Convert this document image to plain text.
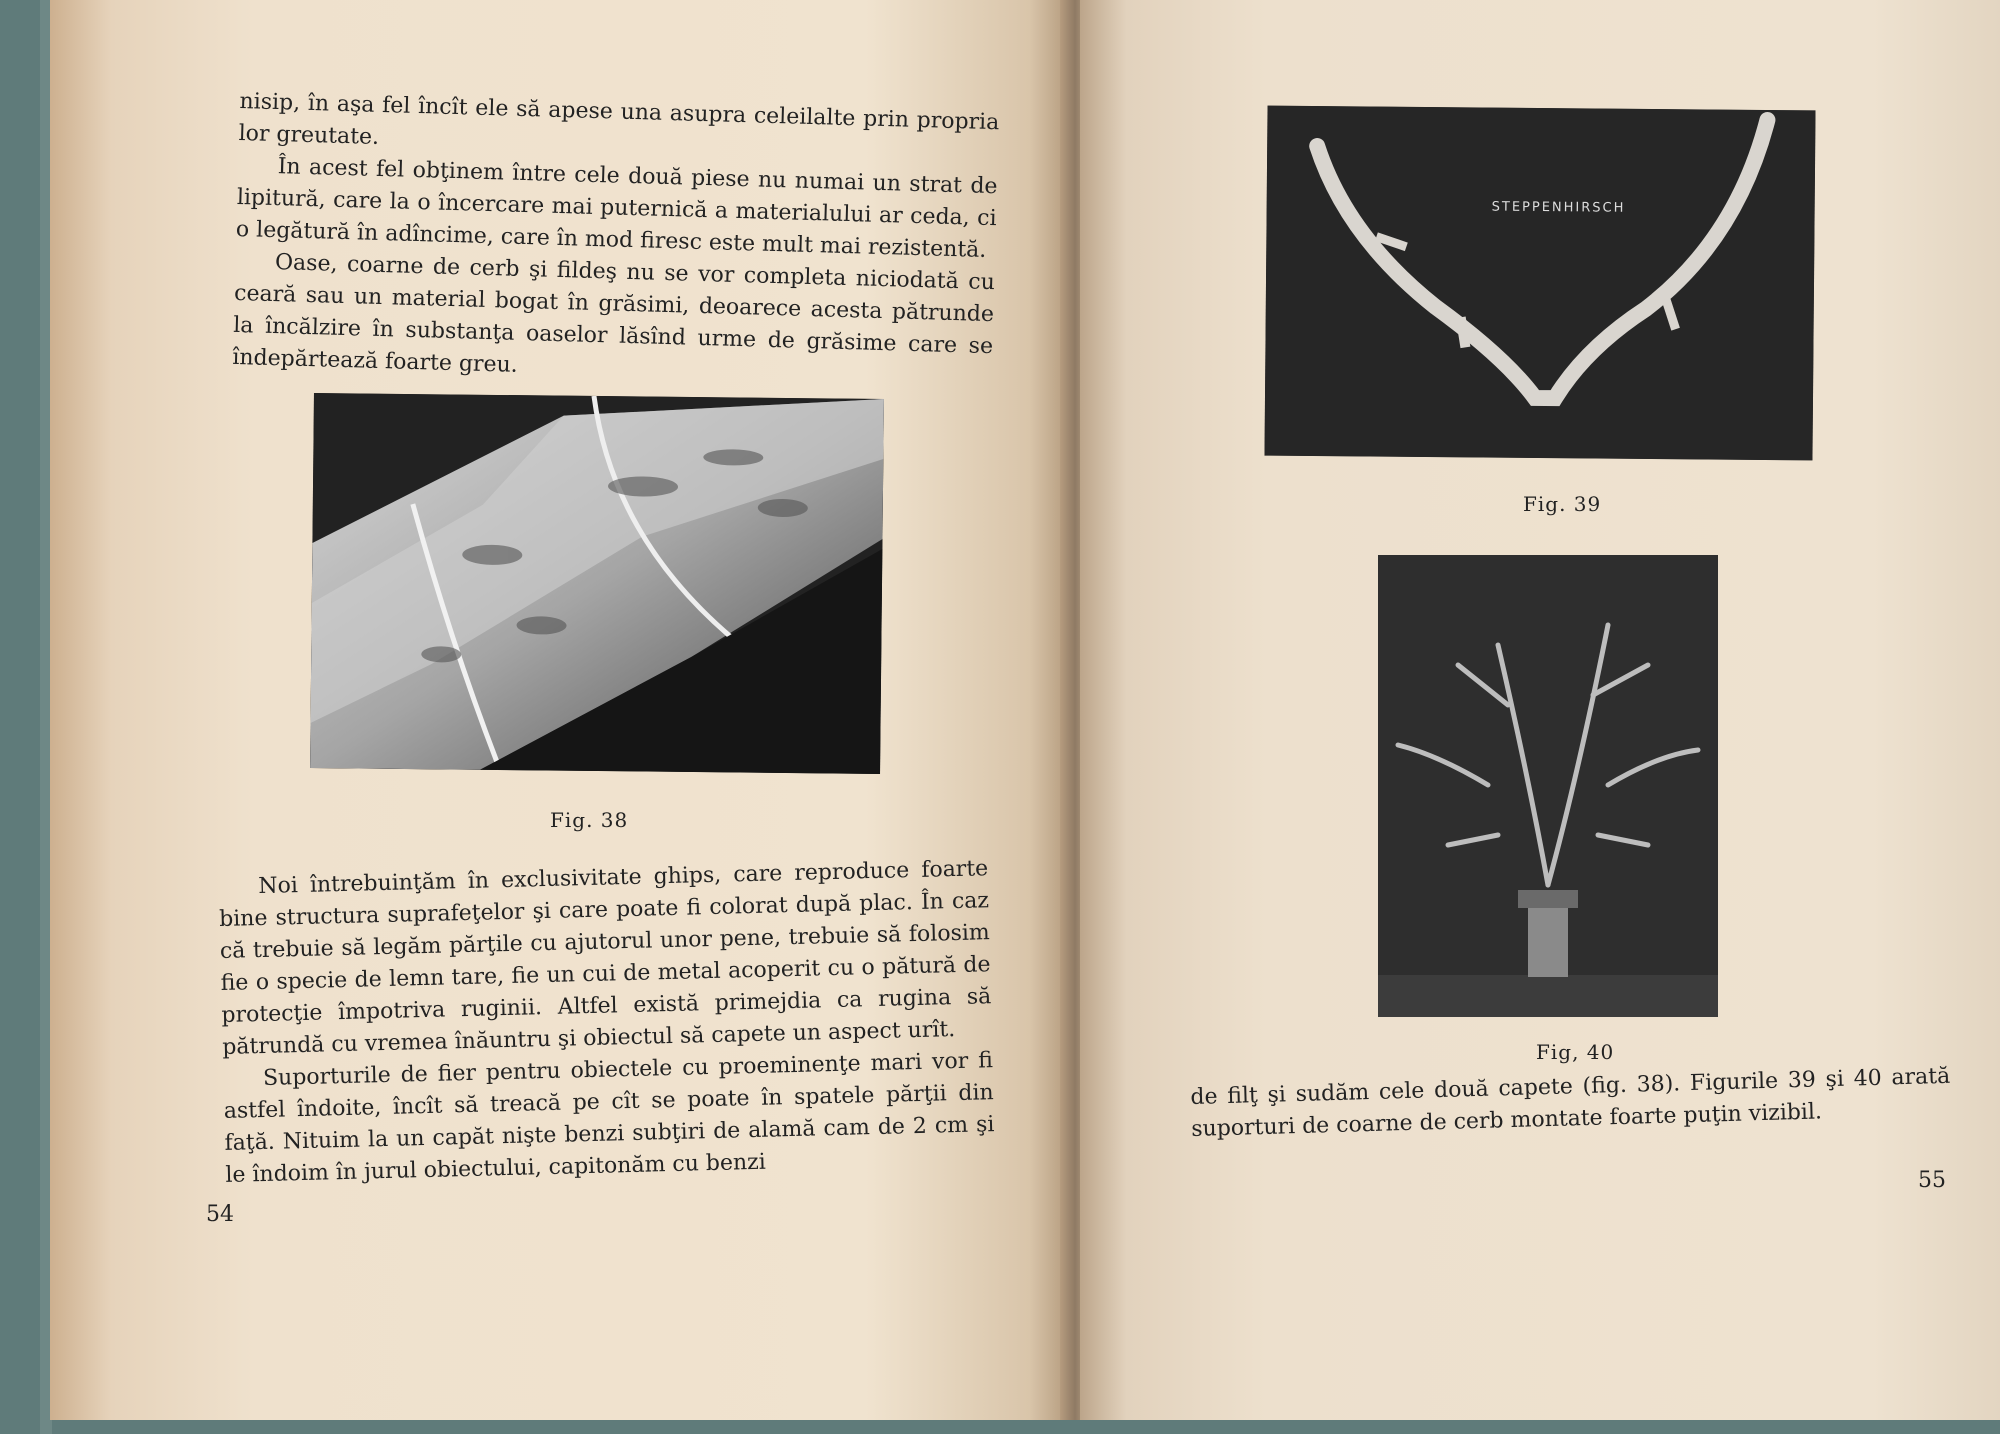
nisip, în aşa fel încît ele să apese una asupra celeilalte prin propria lor greutate.

În acest fel obţinem între cele două piese nu numai un strat de lipitură, care la o încercare mai puternică a materialului ar ceda, ci o legătură în adîncime, care în mod firesc este mult mai rezistentă.

Oase, coarne de cerb şi fildeş nu se vor completa niciodată cu ceară sau un material bogat în grăsimi, deoarece acesta pătrunde la încălzire în substanţa oaselor lăsînd urme de grăsime care se îndepărtează foarte greu.

Fig. 38

Noi întrebuinţăm în exclusivitate ghips, care reproduce foarte bine structura suprafeţelor şi care poate fi colorat după plac. În caz că trebuie să legăm părţile cu ajutorul unor pene, trebuie să folosim fie o specie de lemn tare, fie un cui de metal acoperit cu o pătură de protecţie împotriva ruginii. Altfel există primejdia ca rugina să pătrundă cu vremea înăuntru şi obiectul să capete un aspect urît.

Suporturile de fier pentru obiectele cu proeminenţe mari vor fi astfel îndoite, încît să treacă pe cît se poate în spatele părţii din faţă. Nituim la un capăt nişte benzi subţiri de alamă cam de 2 cm şi le îndoim în jurul obiectului, capitonăm cu benzi

54
STEPPENHIRSCH
Fig. 39
Fig, 40

de filţ şi sudăm cele două capete (fig. 38). Figurile 39 şi 40 arată suporturi de coarne de cerb montate foarte puţin vizibil.

55
